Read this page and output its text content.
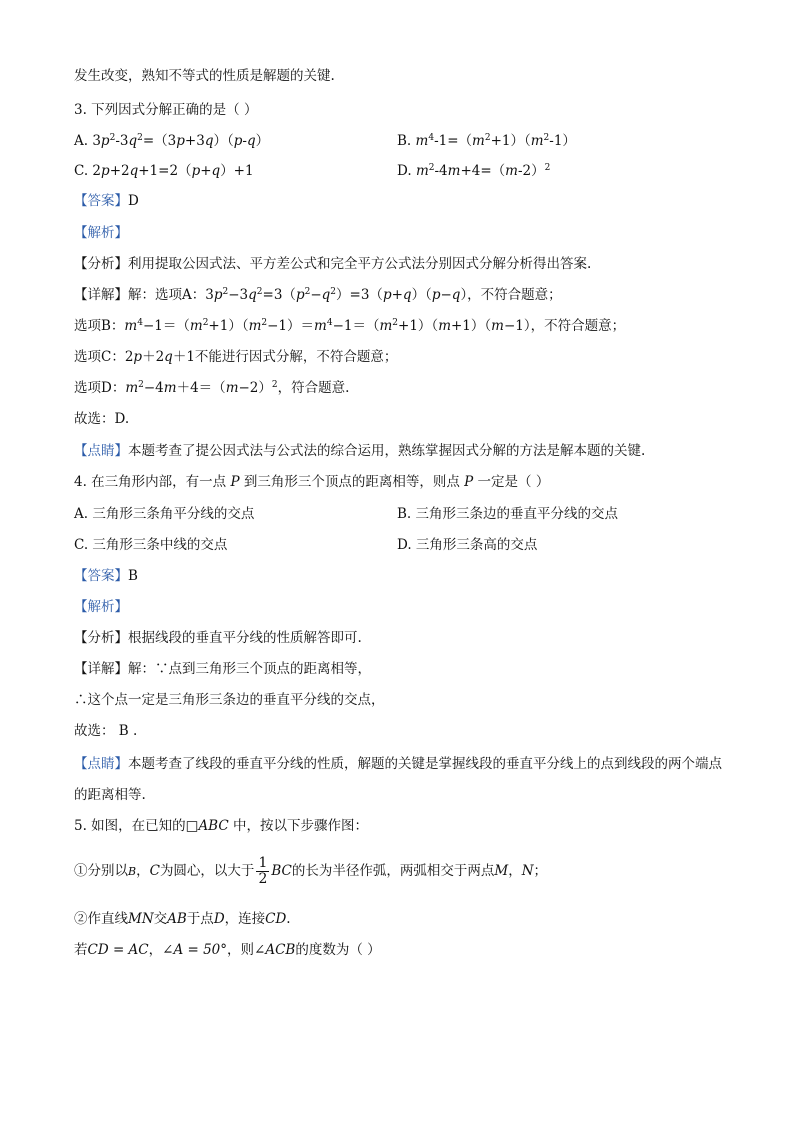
发生改变，熟知不等式的性质是解题的关键.
3. 下列因式分解正确的是（ ）
A. $3p^2-3q^2=(3p+3q)(p-q)$	B. $m^4-1=(m^2+1)(m^2-1)$
C. 2p+2q+1=2（p+q）+1	D. $m^2-4m+4=(m-2)^2$
【答案】D
【解析】
【分析】利用提取公因式法、平方差公式和完全平方公式法分别因式分解分析得出答案.
【详解】解：选项A：$3p^2-3q^2=3(p^2-q^2)=3(p+q)(p-q)$，不符合题意；
选项B：$m^4-1=(m^2+1)(m^2-1)=m^4-1=(m^2+1)(m+1)(m-1)$，不符合题意；
选项C：2p＋2q＋1不能进行因式分解，不符合题意；
选项D：$m^2-4m+4=(m-2)^2$，符合题意.
故选：D.
【点睛】本题考查了提公因式法与公式法的综合运用，熟练掌握因式分解的方法是解本题的关键.
4. 在三角形内部，有一点 P 到三角形三个顶点的距离相等，则点 P 一定是（ ）
A. 三角形三条角平分线的交点	B. 三角形三条边的垂直平分线的交点
C. 三角形三条中线的交点	D. 三角形三条高的交点
【答案】B
【解析】
【分析】根据线段的垂直平分线的性质解答即可.
【详解】解：∵点到三角形三个顶点的距离相等，
∴这个点一定是三角形三条边的垂直平分线的交点，
故选： B .
【点睛】本题考查了线段的垂直平分线的性质，解题的关键是掌握线段的垂直平分线上的点到线段的两个端点的距离相等.
5. 如图，在已知的□ABC 中，按以下步骤作图：
①分别以B，C为圆心，以大于 $\frac{1}{2}$ BC的长为半径作弧，两弧相交于两点M，N；
②作直线MN交AB于点D，连接CD.
若CD = AC，∠A = 50°，则∠ACB的度数为（ ）
